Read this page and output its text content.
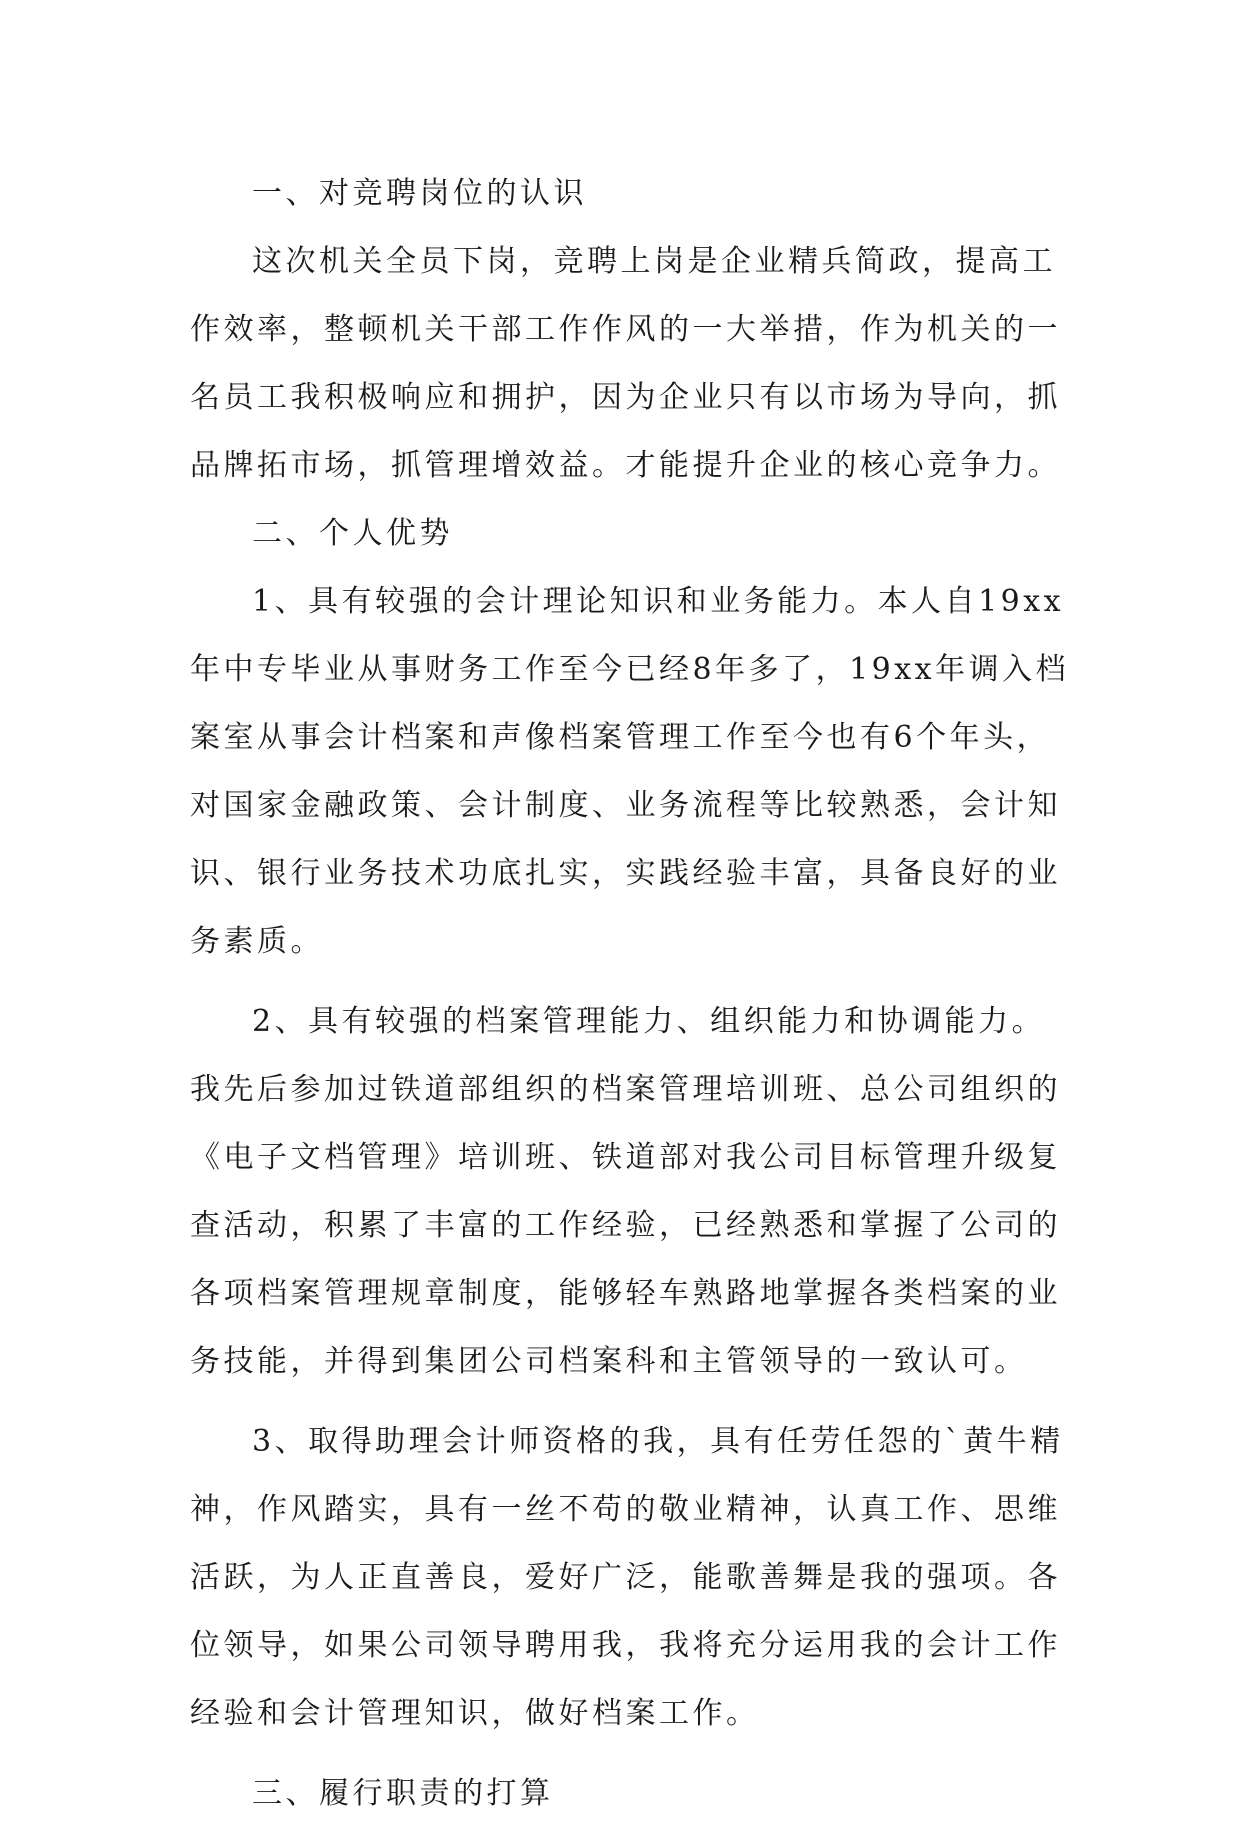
一、对竞聘岗位的认识
这次机关全员下岗，竞聘上岗是企业精兵简政，提高工
作效率，整顿机关干部工作作风的一大举措，作为机关的一
名员工我积极响应和拥护，因为企业只有以市场为导向，抓
品牌拓市场，抓管理增效益。才能提升企业的核心竞争力。
二、个人优势
1、具有较强的会计理论知识和业务能力。本人自19xx
年中专毕业从事财务工作至今已经8年多了，19xx年调入档
案室从事会计档案和声像档案管理工作至今也有6个年头，
对国家金融政策、会计制度、业务流程等比较熟悉，会计知
识、银行业务技术功底扎实，实践经验丰富，具备良好的业
务素质。
2、具有较强的档案管理能力、组织能力和协调能力。
我先后参加过铁道部组织的档案管理培训班、总公司组织的
《电子文档管理》培训班、铁道部对我公司目标管理升级复
查活动，积累了丰富的工作经验，已经熟悉和掌握了公司的
各项档案管理规章制度，能够轻车熟路地掌握各类档案的业
务技能，并得到集团公司档案科和主管领导的一致认可。
3、取得助理会计师资格的我，具有任劳任怨的`黄牛精
神，作风踏实，具有一丝不苟的敬业精神，认真工作、思维
活跃，为人正直善良，爱好广泛，能歌善舞是我的强项。各
位领导，如果公司领导聘用我，我将充分运用我的会计工作
经验和会计管理知识，做好档案工作。
三、履行职责的打算
